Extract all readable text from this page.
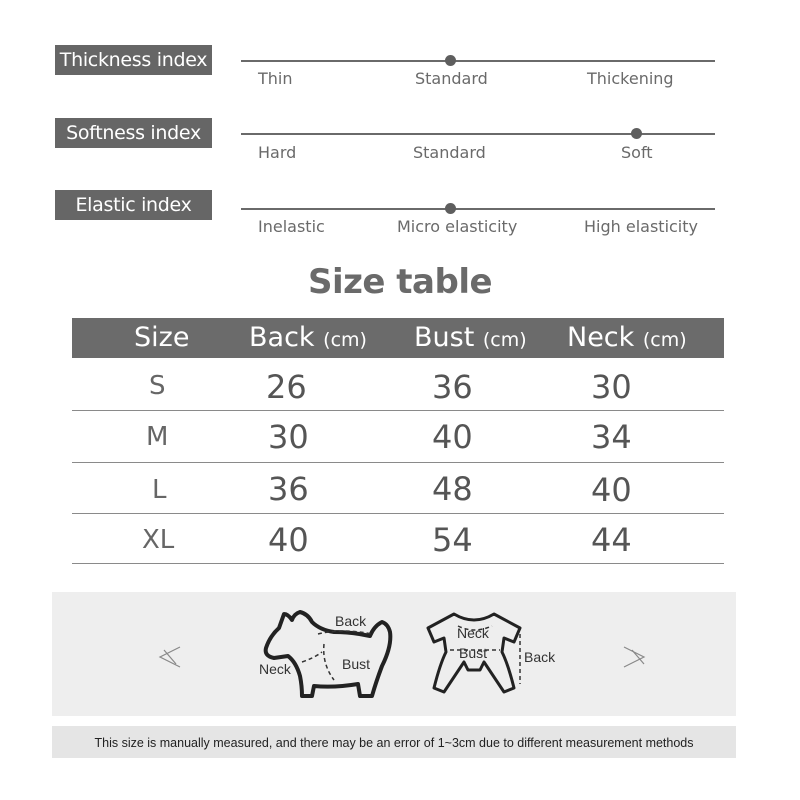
Thickness index
Thin	Standard	Thickening
Softness index
Hard	Standard	Soft
Elastic index
Inelastic	Micro elasticity	High elasticity
Size table
Size Back (cm) Bust (cm) Neck (cm)
S	26	36	30
M	30	40	34
L	36	48	40
XL	40	54	44
Back
Neck	Bust
Neck
Bust	Back
This size is manually measured, and there may be an error of 1~3cm due to different measurement methods
